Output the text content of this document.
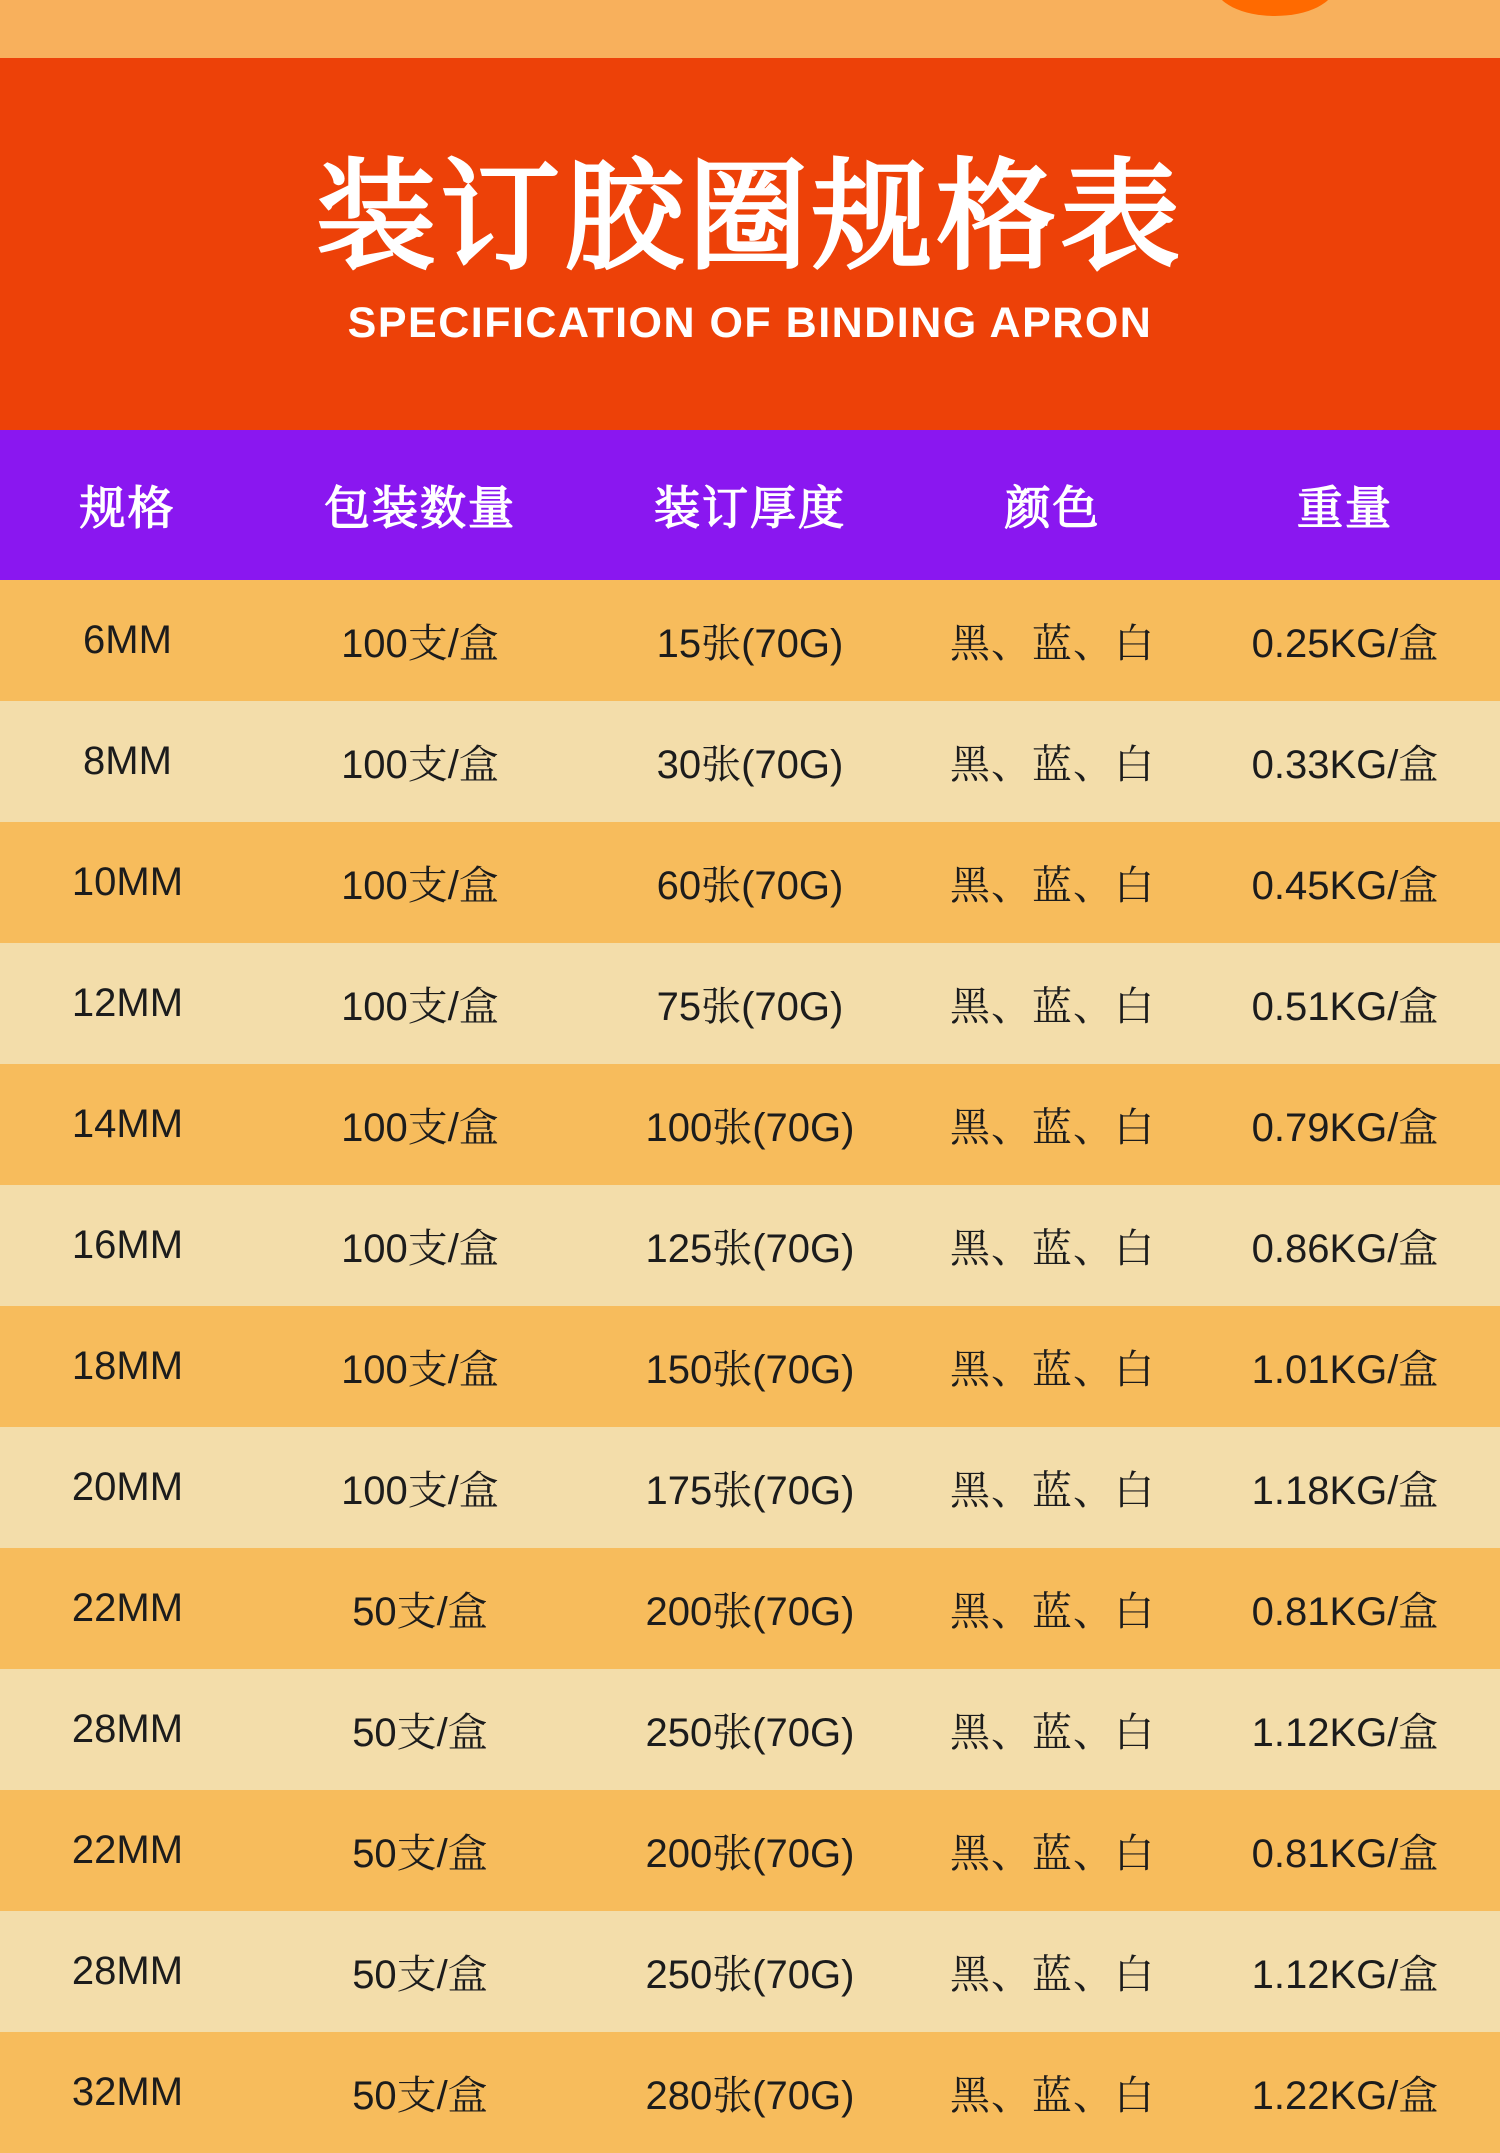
装订胶圈规格表
SPECIFICATION OF BINDING APRON
规格	包装数量	装订厚度	颜色	重量
6MM	100支/盒	15张(70G)	黑、蓝、白	0.25KG/盒
8MM	100支/盒	30张(70G)	黑、蓝、白	0.33KG/盒
10MM	100支/盒	60张(70G)	黑、蓝、白	0.45KG/盒
12MM	100支/盒	75张(70G)	黑、蓝、白	0.51KG/盒
14MM	100支/盒	100张(70G)	黑、蓝、白	0.79KG/盒
16MM	100支/盒	125张(70G)	黑、蓝、白	0.86KG/盒
18MM	100支/盒	150张(70G)	黑、蓝、白	1.01KG/盒
20MM	100支/盒	175张(70G)	黑、蓝、白	1.18KG/盒
22MM	50支/盒	200张(70G)	黑、蓝、白	0.81KG/盒
28MM	50支/盒	250张(70G)	黑、蓝、白	1.12KG/盒
22MM	50支/盒	200张(70G)	黑、蓝、白	0.81KG/盒
28MM	50支/盒	250张(70G)	黑、蓝、白	1.12KG/盒
32MM	50支/盒	280张(70G)	黑、蓝、白	1.22KG/盒
